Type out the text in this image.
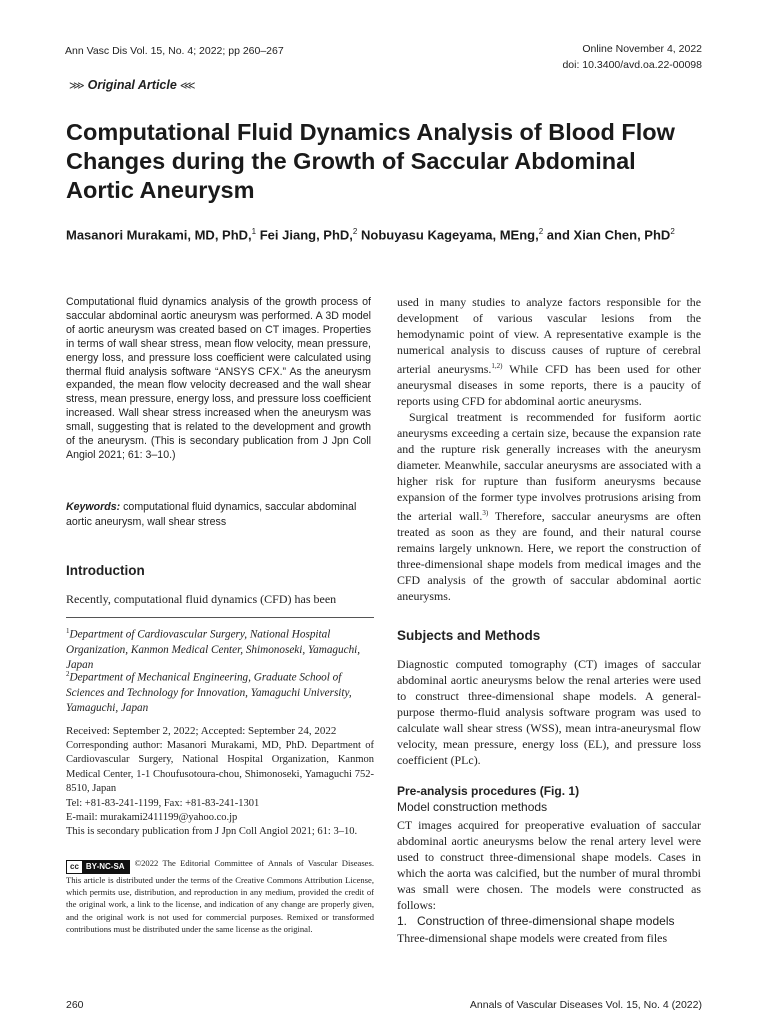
Ann Vasc Dis Vol. 15, No. 4; 2022; pp 260–267	Online November 4, 2022
doi: 10.3400/avd.oa.22-00098
⋙ Original Article ⋘
Computational Fluid Dynamics Analysis of Blood Flow Changes during the Growth of Saccular Abdominal Aortic Aneurysm
Masanori Murakami, MD, PhD,$^1$ Fei Jiang, PhD,$^2$ Nobuyasu Kageyama, MEng,$^2$ and Xian Chen, PhD$^2$
Computational fluid dynamics analysis of the growth process of saccular abdominal aortic aneurysm was performed. A 3D model of aortic aneurysm was created based on CT images. Properties in terms of wall shear stress, mean flow velocity, mean pressure, energy loss, and pressure loss coefficient were calculated using thermal fluid analysis software “ANSYS CFX.” As the aneurysm expanded, the mean flow velocity decreased and the wall shear stress, mean pressure, energy loss, and pressure loss coefficient increased. Wall shear stress increased when the aneurysm was small, suggesting that is related to the development and growth of the aneurysm. (This is secondary publication from J Jpn Coll Angiol 2021; 61: 3–10.)
Keywords: computational fluid dynamics, saccular abdominal aortic aneurysm, wall shear stress
Introduction
Recently, computational fluid dynamics (CFD) has been
$^1$Department of Cardiovascular Surgery, National Hospital Organization, Kanmon Medical Center, Shimonoseki, Yamaguchi, Japan
$^2$Department of Mechanical Engineering, Graduate School of Sciences and Technology for Innovation, Yamaguchi University, Yamaguchi, Japan
Received: September 2, 2022; Accepted: September 24, 2022
Corresponding author: Masanori Murakami, MD, PhD. Department of Cardiovascular Surgery, National Hospital Organization, Kanmon Medical Center, 1-1 Choufusotoura-chou, Shimonoseki, Yamaguchi 752-8510, Japan
Tel: +81-83-241-1199, Fax: +81-83-241-1301
E-mail: murakami2411199@yahoo.co.jp
This is secondary publication from J Jpn Coll Angiol 2021; 61: 3–10.
cc BY-NC-SA ©2022 The Editorial Committee of Annals of Vascular Diseases. This article is distributed under the terms of the Creative Commons Attribution License, which permits use, distribution, and reproduction in any medium, provided the credit of the original work, a link to the license, and indication of any change are properly given, and the original work is not used for commercial purposes. Remixed or transformed contributions must be distributed under the same license as the original.

used in many studies to analyze factors responsible for the development of various vascular lesions from the hemodynamic point of view. A representative example is the numerical analysis to discuss causes of rupture of cerebral arterial aneurysms.$^{1,2)}$ While CFD has been used for other aneurysmal diseases in some reports, there is a paucity of reports using CFD for abdominal aortic aneurysms.

Surgical treatment is recommended for fusiform aortic aneurysms exceeding a certain size, because the expansion rate and the rupture risk generally increases with the aneurysm diameter. Meanwhile, saccular aneurysms are associated with a higher risk for rupture than fusiform aneurysms because expansion of the former type involves protrusions arising from the arterial wall.$^{3)}$ Therefore, saccular aneurysms are often treated as soon as they are found, and their natural course remains largely unknown. Here, we report the construction of three-dimensional shape models from medical images and the CFD analysis of the growth of saccular abdominal aortic aneurysms.

Subjects and Methods
Diagnostic computed tomography (CT) images of saccular abdominal aortic aneurysms below the renal arteries were used to construct three-dimensional shape models. A general-purpose thermo-fluid analysis software program was used to calculate wall shear stress (WSS), mean intra-aneurysmal flow velocity, mean pressure, energy loss (EL), and pressure loss coefficient (PLc).
Pre-analysis procedures (Fig. 1)
Model construction methods
CT images acquired for preoperative evaluation of saccular abdominal aortic aneurysms below the renal artery level were used to construct three-dimensional shape models. Cases in which the aorta was calcified, but the number of mural thrombi was small were chosen. The models were constructed as follows:
1.   Construction of three-dimensional shape models
Three-dimensional shape models were created from files
260	Annals of Vascular Diseases Vol. 15, No. 4 (2022)
